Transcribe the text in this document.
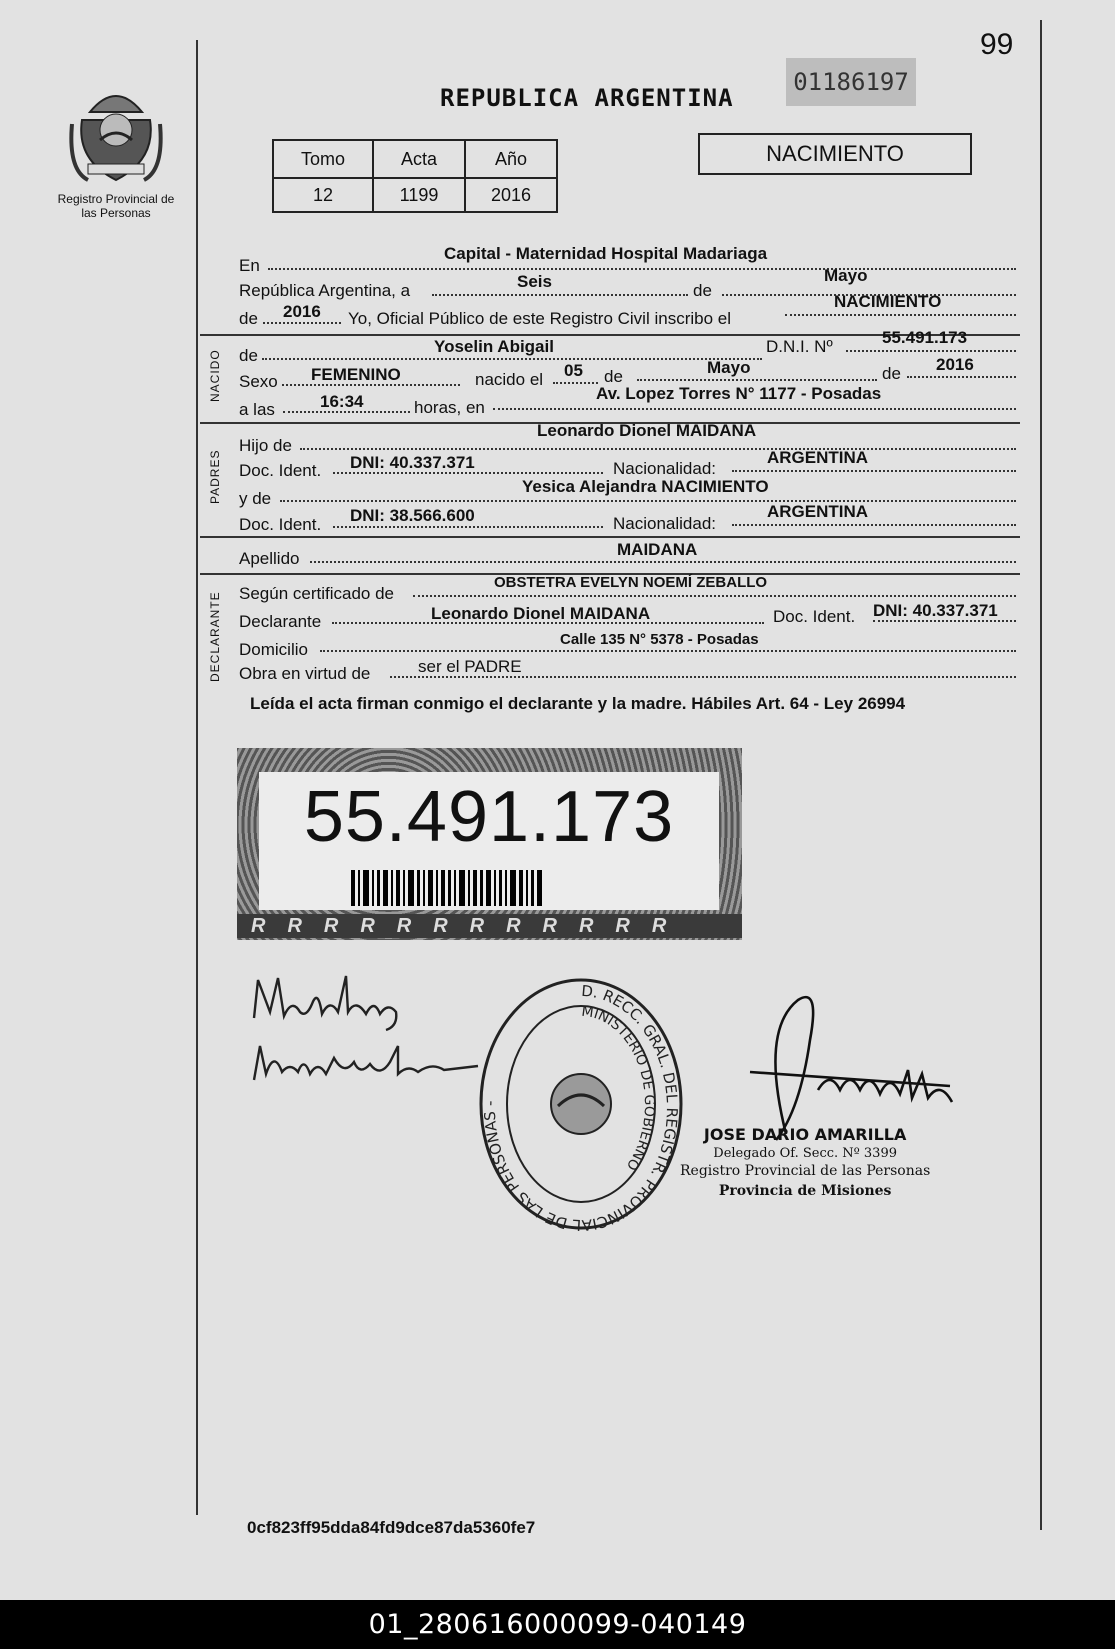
99
Registro Provincial de las Personas
REPUBLICA ARGENTINA
01186197
Tomo	Acta	Año
12	1199	2016
NACIMIENTO
En
Capital - Maternidad Hospital Madariaga
República Argentina, a	Seis	de
Mayo
de 2016 Yo, Oficial Público de este Registro Civil inscribo el
NACIMIENTO
NACIDO de	Yoselin Abigail	D.N.I. Nº	55.491.173
Sexo FEMENINO	nacido el 05 de	Mayo	de 2016
a las	16:34	horas, en
Av. Lopez Torres N° 1177 - Posadas
PADRES
Hijo de
Leonardo Dionel MAIDANA
Doc. Ident. DNI: 40.337.371	Nacionalidad:
ARGENTINA
y de
Yesica Alejandra NACIMIENTO
Doc. Ident. DNI: 38.566.600	Nacionalidad:
ARGENTINA
Apellido	MAIDANA
DECLARANTE Según certificado de
OBSTETRA EVELYN NOEMÍ ZEBALLO
Declarante	Leonardo Dionel MAIDANA	Doc. Ident. DNI: 40.337.371
Domicilio
Calle 135 N° 5378 - Posadas
Obra en virtud de	ser el PADRE
Leída el acta firman conmigo el declarante y la madre. Hábiles Art. 64 - Ley 26994
55.491.173
RRRRRRRRRRRR
D. RECC. GRAL. DEL REGISTR. PROVINCIAL DE LAS PERSONAS -
MINISTERIO DE GOBIERNO
JOSE DARIO AMARILLA
Delegado Of. Secc. Nº 3399
Registro Provincial de las Personas
Provincia de Misiones
0cf823ff95dda84fd9dce87da5360fe7
01_280616000099-040149
